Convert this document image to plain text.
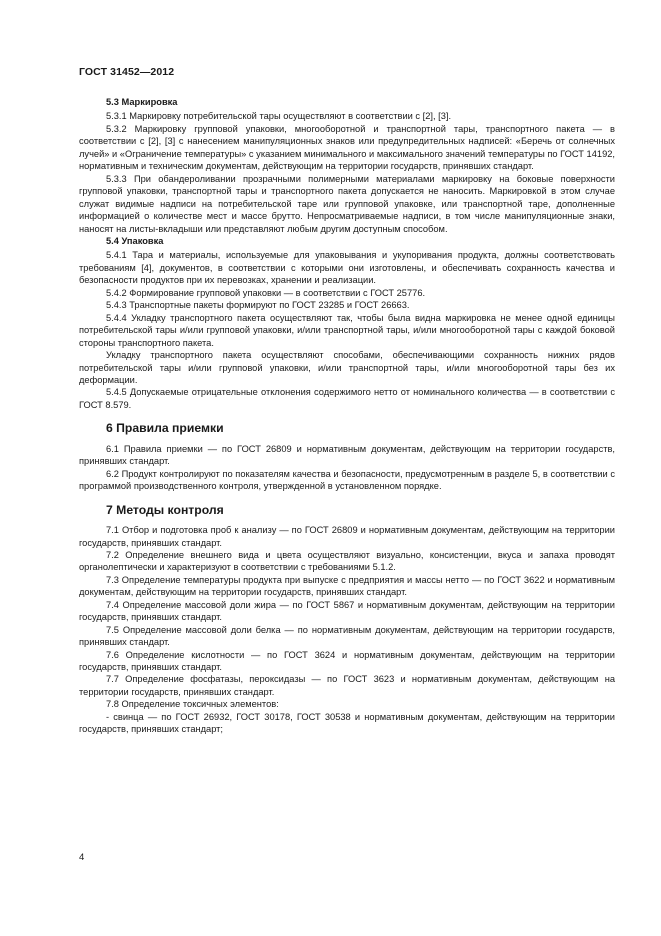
ГОСТ 31452—2012
5.3 Маркировка

5.3.1 Маркировку потребительской тары осуществляют в соответствии с [2], [3].

5.3.2 Маркировку групповой упаковки, многооборотной и транспортной тары, транспортного пакета — в соответствии с [2], [3] с нанесением манипуляционных знаков или предупредительных надписей: «Беречь от солнечных лучей» и «Ограничение температуры» с указанием минимального и максимального значений температуры по ГОСТ 14192, нормативным и техническим документам, действующим на территории государств, принявших стандарт.

5.3.3 При обандероливании прозрачными полимерными материалами маркировку на боковые поверхности групповой упаковки, транспортной тары и транспортного пакета допускается не наносить. Маркировкой в этом случае служат видимые надписи на потребительской таре или групповой упаковке, или транспортной таре, дополненные информацией о количестве мест и массе брутто. Непросматриваемые надписи, в том числе манипуляционные знаки, наносят на листы-вкладыши или представляют любым другим доступным способом.

5.4 Упаковка

5.4.1 Тара и материалы, используемые для упаковывания и укупоривания продукта, должны соответствовать требованиям [4], документов, в соответствии с которыми они изготовлены, и обеспечивать сохранность качества и безопасности продуктов при их перевозках, хранении и реализации.

5.4.2 Формирование групповой упаковки — в соответствии с ГОСТ 25776.

5.4.3 Транспортные пакеты формируют по ГОСТ 23285 и ГОСТ 26663.

5.4.4 Укладку транспортного пакета осуществляют так, чтобы была видна маркировка не менее одной единицы потребительской тары и/или групповой упаковки, и/или транспортной тары, и/или многооборотной тары с каждой боковой стороны транспортного пакета.

Укладку транспортного пакета осуществляют способами, обеспечивающими сохранность нижних рядов потребительской тары и/или групповой упаковки, и/или транспортной тары, и/или многооборотной тары без их деформации.

5.4.5 Допускаемые отрицательные отклонения содержимого нетто от номинального количества — в соответствии с ГОСТ 8.579.

6 Правила приемки

6.1 Правила приемки — по ГОСТ 26809 и нормативным документам, действующим на территории государств, принявших стандарт.

6.2 Продукт контролируют по показателям качества и безопасности, предусмотренным в разделе 5, в соответствии с программой производственного контроля, утвержденной в установленном порядке.

7 Методы контроля

7.1 Отбор и подготовка проб к анализу — по ГОСТ 26809 и нормативным документам, действующим на территории государств, принявших стандарт.

7.2 Определение внешнего вида и цвета осуществляют визуально, консистенции, вкуса и запаха проводят органолептически и характеризуют в соответствии с требованиями 5.1.2.

7.3 Определение температуры продукта при выпуске с предприятия и массы нетто — по ГОСТ 3622 и нормативным документам, действующим на территории государств, принявших стандарт.

7.4 Определение массовой доли жира — по ГОСТ 5867 и нормативным документам, действующим на территории государств, принявших стандарт.

7.5 Определение массовой доли белка — по нормативным документам, действующим на территории государств, принявших стандарт.

7.6 Определение кислотности — по ГОСТ 3624 и нормативным документам, действующим на территории государств, принявших стандарт.

7.7 Определение фосфатазы, пероксидазы — по ГОСТ 3623 и нормативным документам, действующим на территории государств, принявших стандарт.

7.8 Определение токсичных элементов:

- свинца — по ГОСТ 26932, ГОСТ 30178, ГОСТ 30538 и нормативным документам, действующим на территории государств, принявших стандарт;

4
